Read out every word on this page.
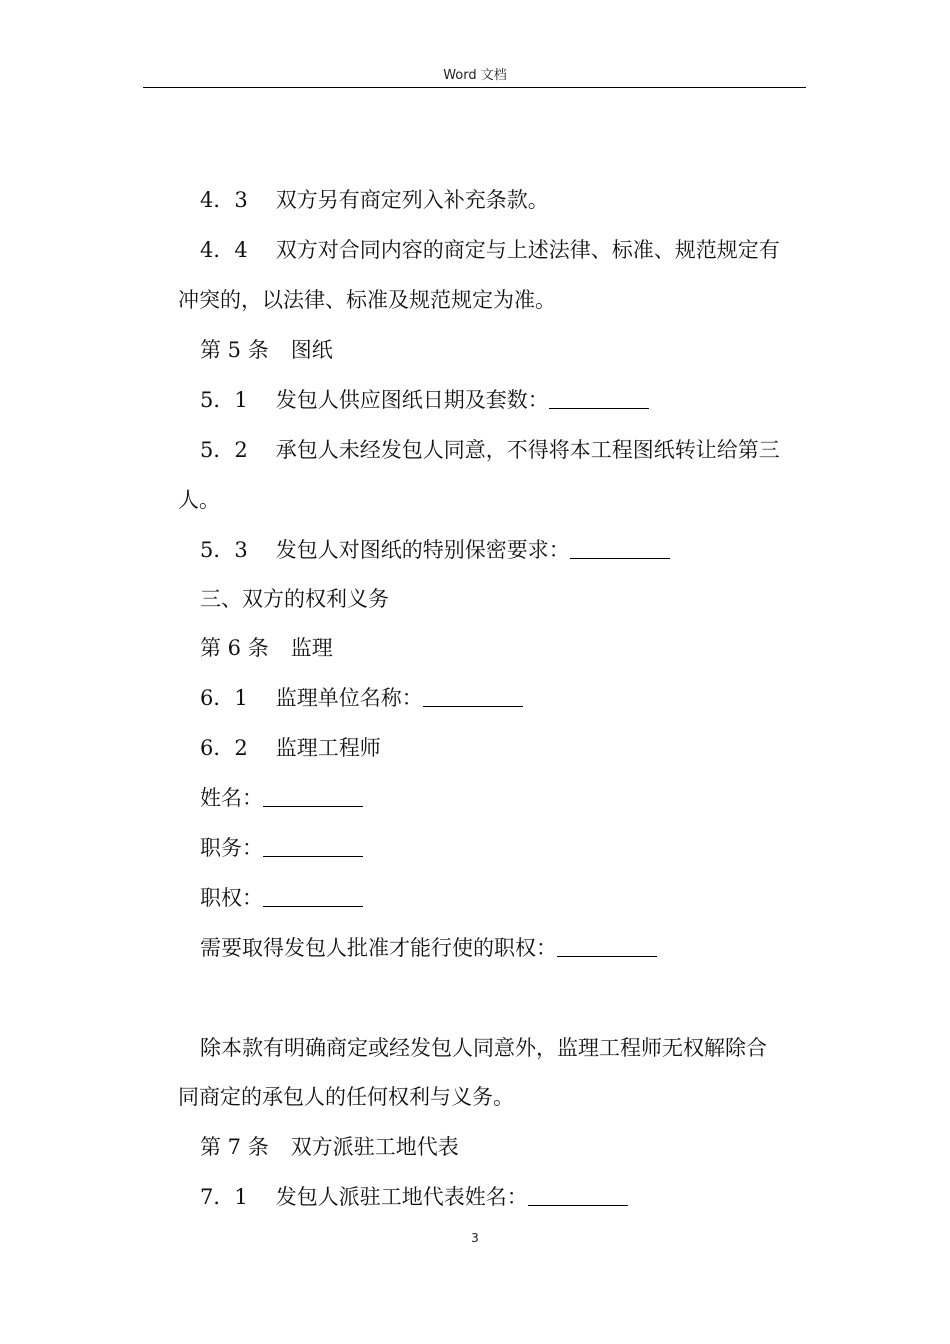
Word 文档
4．3 双方另有商定列入补充条款。
4．4 双方对合同内容的商定与上述法律、标准、规范规定有
冲突的，以法律、标准及规范规定为准。
第 5 条 图纸
5．1 发包人供应图纸日期及套数：
5．2 承包人未经发包人同意，不得将本工程图纸转让给第三
人。
5．3 发包人对图纸的特别保密要求：
三、双方的权利义务
第 6 条 监理
6．1 监理单位名称：
6．2 监理工程师
姓名：
职务：
职权：
需要取得发包人批准才能行使的职权：
除本款有明确商定或经发包人同意外，监理工程师无权解除合
同商定的承包人的任何权利与义务。
第 7 条 双方派驻工地代表
7．1 发包人派驻工地代表姓名：
3
